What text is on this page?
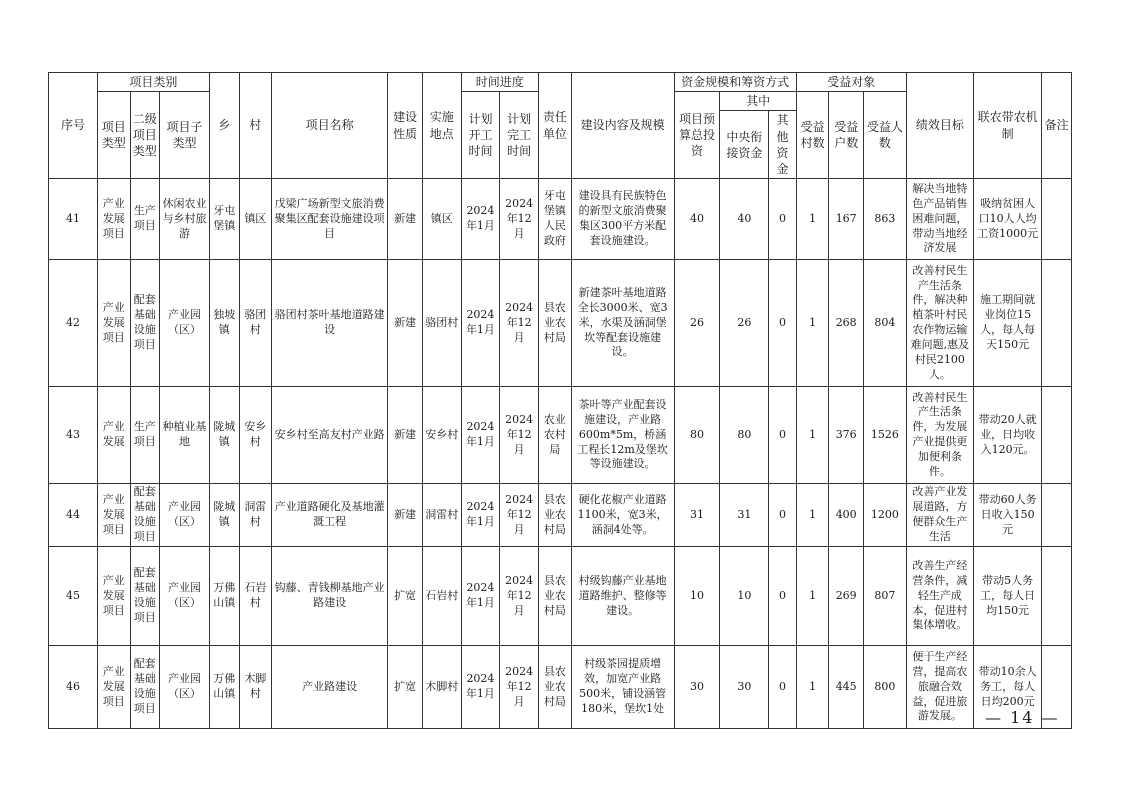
序号	项目类别			乡	村	项目名称	建设性质	实施地点	时间进度		责任单位	建设内容及规模	资金规模和筹资方式			受益对象			绩效目标	联农带农机制	备注
	项目类型	二级项目类型	项目子类型						计划开工时间	计划完工时间			项目预算总投资	其中		受益村数	受益户数	受益人数			
														中央衔接资金	其他资金						
41	产业发展项目	生产项目	休闲农业与乡村旅游	牙屯堡镇	镇区	戊梁广场新型文旅消费聚集区配套设施建设项目	新建	镇区	2024年1月	2024年12月	牙屯堡镇人民政府	建设具有民族特色的新型文旅消费聚集区300平方米配套设施建设。	40	40	0	1	167	863	解决当地特色产品销售困难问题，带动当地经济发展	吸纳贫困人口10人人均工资1000元	
42	产业发展项目	配套基础设施项目	产业园（区）	独坡镇	骆团村	骆团村茶叶基地道路建设	新建	骆团村	2024年1月	2024年12月	县农业农村局	新建茶叶基地道路全长3000米、宽3米，水渠及涵洞堡坎等配套设施建设。	26	26	0	1	268	804	改善村民生产生活条件，解决种植茶叶村民农作物运输难问题,惠及村民2100人。	施工期间就业岗位15人，每人每天150元	
43	产业发展	生产项目	种植业基地	陇城镇	安乡村	安乡村至高友村产业路	新建	安乡村	2024年1月	2024年12月	农业农村局	茶叶等产业配套设施建设，产业路600m*5m，桥涵工程长12m及堡坎等设施建设。	80	80	0	1	376	1526	改善村民生产生活条件，为发展产业提供更加便利条件。	带动20人就业，日均收入120元。	
44	产业发展项目	配套基础设施项目	产业园（区）	陇城镇	洞雷村	产业道路硬化及基地灌溉工程	新建	洞雷村	2024年1月	2024年12月	县农业农村局	硬化花椒产业道路1100米，宽3米，涵洞4处等。	31	31	0	1	400	1200	改善产业发展道路，方便群众生产生活	带动60人务日收入150元	
45	产业发展项目	配套基础设施项目	产业园（区）	万佛山镇	石岩村	钩藤、青钱柳基地产业路建设	扩宽	石岩村	2024年1月	2024年12月	县农业农村局	村级钩藤产业基地道路维护、整修等建设。	10	10	0	1	269	807	改善生产经营条件，减轻生产成本，促进村集体增收。	带动5人务工，每人日均150元	
46	产业发展项目	配套基础设施项目	产业园（区）	万佛山镇	木脚村	产业路建设	扩宽	木脚村	2024年1月	2024年12月	县农业农村局	村级茶园提质增效，加宽产业路500米，铺设涵管180米，堡坎1处	30	30	0	1	445	800	便于生产经营，提高农旅融合效益，促进旅游发展。	带动10余人务工，每人日均200元	
— 14 —
